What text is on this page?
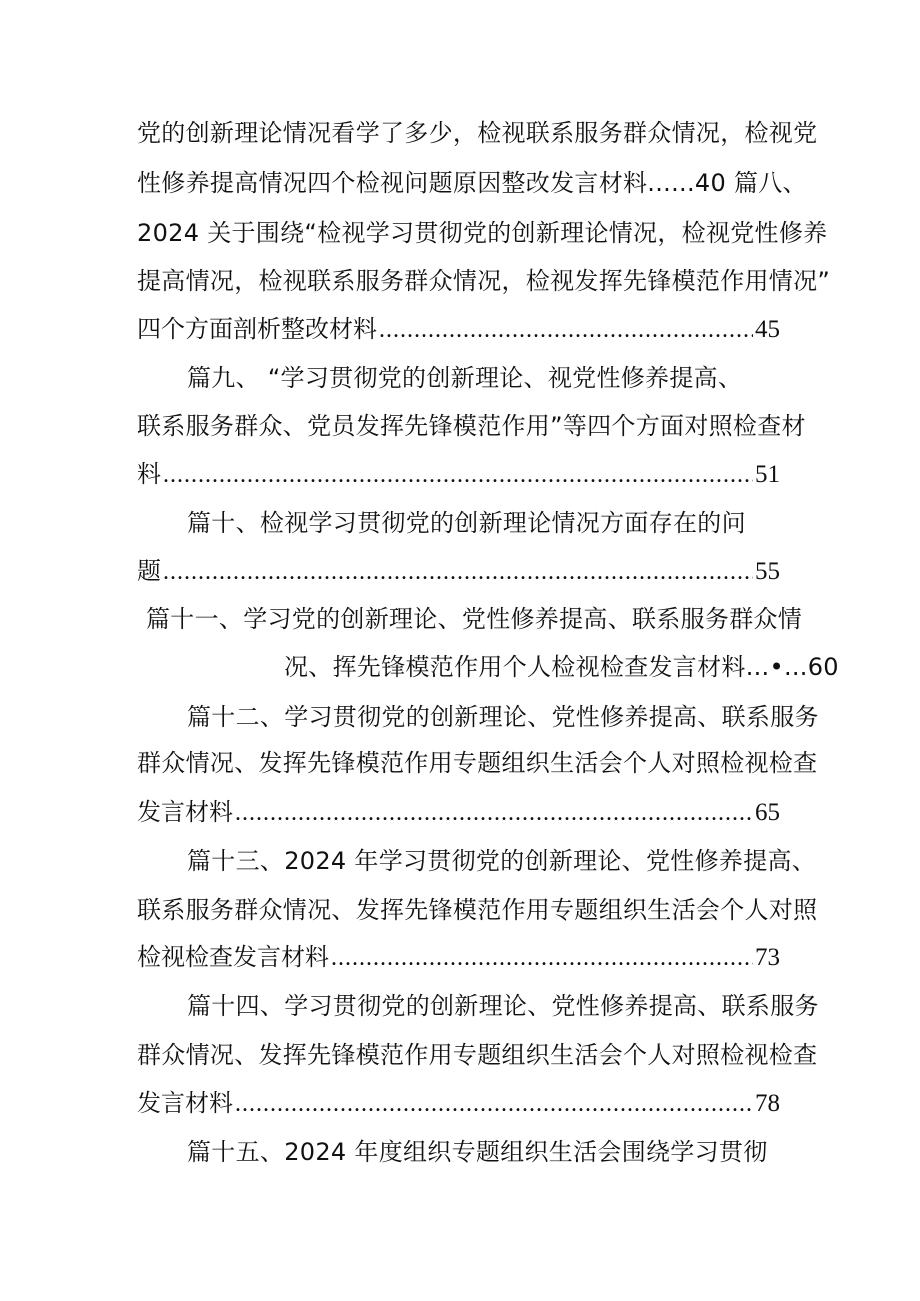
党的创新理论情况看学了多少，检视联系服务群众情况，检视党
性修养提高情况四个检视问题原因整改发言材料......40 篇八、
2024 关于围绕“检视学习贯彻党的创新理论情况，检视党性修养
提高情况，检视联系服务群众情况，检视发挥先锋模范作用情况”
四个方面剖析整改材料 .....	45
篇九、 “学习贯彻党的创新理论、视党性修养提高、
联系服务群众、党员发挥先锋模范作用”等四个方面对照检查材
料 .....	51
篇十、检视学习贯彻党的创新理论情况方面存在的问
题 .....	55
篇十一、学习党的创新理论、党性修养提高、联系服务群众情
况、挥先锋模范作用个人检视检查发言材料...•...60
篇十二、学习贯彻党的创新理论、党性修养提高、联系服务
群众情况、发挥先锋模范作用专题组织生活会个人对照检视检查
发言材料 .....	65
篇十三、2024 年学习贯彻党的创新理论、党性修养提高、
联系服务群众情况、发挥先锋模范作用专题组织生活会个人对照
检视检查发言材料 .....	73
篇十四、学习贯彻党的创新理论、党性修养提高、联系服务
群众情况、发挥先锋模范作用专题组织生活会个人对照检视检查
发言材料 .....	78
篇十五、2024 年度组织专题组织生活会围绕学习贯彻
